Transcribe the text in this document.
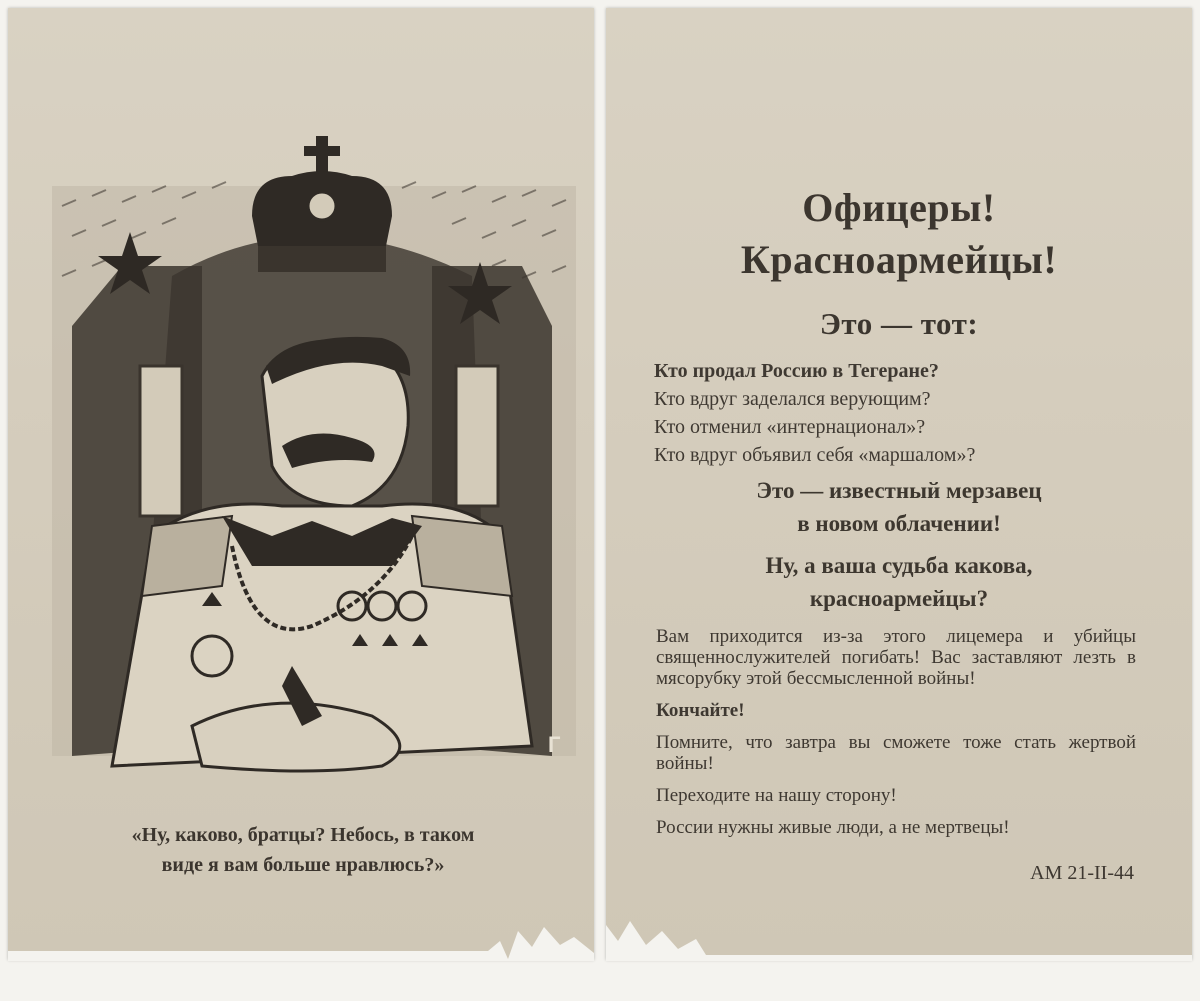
Г
«Ну, каково, братцы? Небось, в таком
виде я вам больше нравлюсь?»
Офицеры!
Красноармейцы!
Это — тот:
Кто продал Россию в Тегеране?
Кто вдруг заделался верующим?
Кто отменил «интернационал»?
Кто вдруг объявил себя «маршалом»?
Это — известный мерзавец
в новом облачении!
Ну, а ваша судьба какова,
красноармейцы?

Вам приходится из-за этого лицемера и убийцы священнослужителей погибать! Вас заставляют лезть в мясорубку этой бессмысленной войны!

Кончайте!

Помните, что завтра вы сможете тоже стать жертвой войны!

Переходите на нашу сторону!

России нужны живые люди, а не мертвецы!

АМ 21-II-44
